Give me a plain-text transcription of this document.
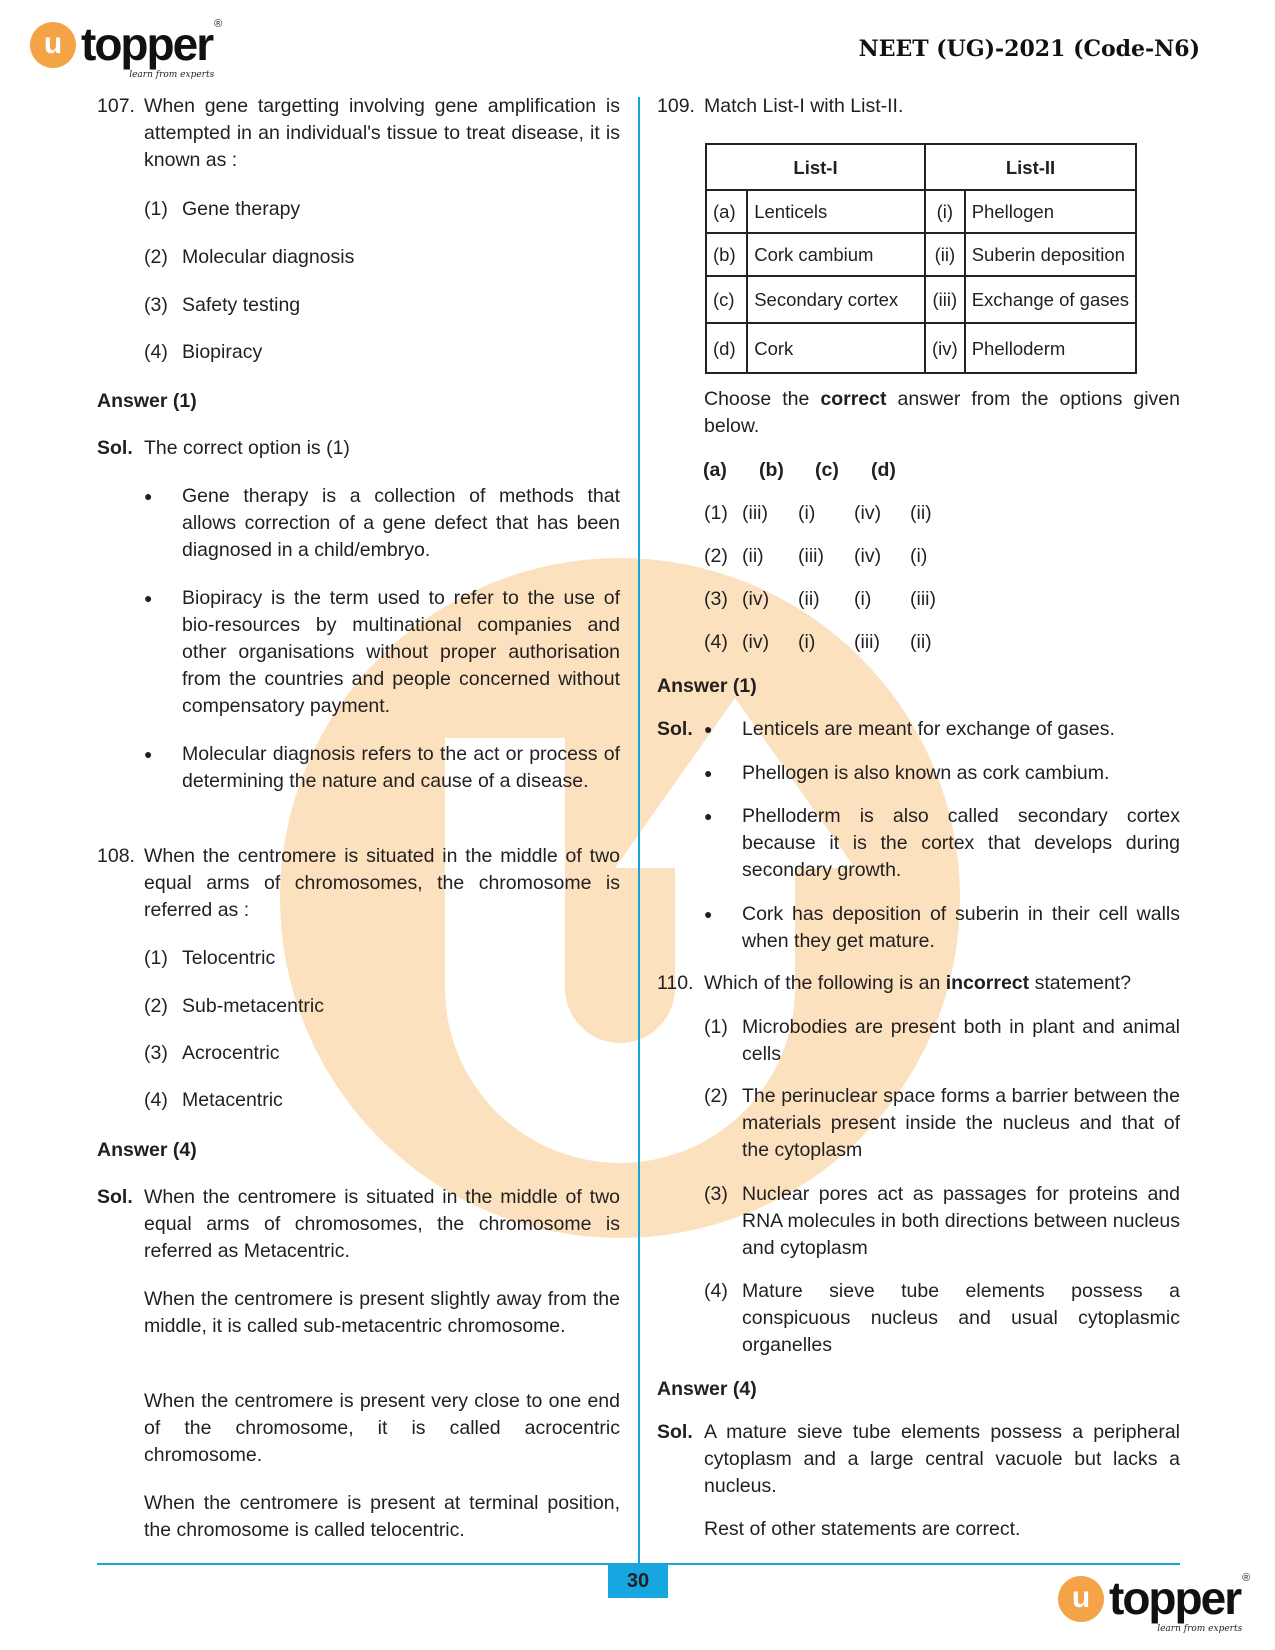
u topper ®
learn from experts
NEET (UG)-2021 (Code-N6)
107. When gene targetting involving gene amplification is attempted in an individual's tissue to treat disease, it is known as :
(1) Gene therapy
(2) Molecular diagnosis
(3) Safety testing
(4) Biopiracy
Answer (1)
Sol. The correct option is (1)
●	Gene therapy is a collection of methods that allows correction of a gene defect that has been diagnosed in a child/embryo.
●	Biopiracy is the term used to refer to the use of bio-resources by multinational companies and other organisations without proper authorisation from the countries and people concerned without compensatory payment.
●	Molecular diagnosis refers to the act or process of determining the nature and cause of a disease.
108. When the centromere is situated in the middle of two equal arms of chromosomes, the chromosome is referred as :
(1) Telocentric
(2) Sub-metacentric
(3) Acrocentric
(4) Metacentric
Answer (4)
Sol. When the centromere is situated in the middle of two equal arms of chromosomes, the chromosome is referred as Metacentric.
When the centromere is present slightly away from the middle, it is called sub-metacentric chromosome.
When the centromere is present very close to one end of the chromosome, it is called acrocentric chromosome.
When the centromere is present at terminal position, the chromosome is called telocentric.
109. Match List-I with List-II.
List-I		List-II	
(a)	Lenticels	(i)	Phellogen
(b)	Cork cambium	(ii)	Suberin deposition
(c)	Secondary cortex	(iii)	Exchange of gases
(d)	Cork	(iv)	Phelloderm
Choose the correct answer from the options given below.
(a)	(b)	(c)	(d)
(1) (iii)	(i)	(iv)	(ii)
(2) (ii)	(iii)	(iv)	(i)
(3) (iv)	(ii)	(i)	(iii)
(4) (iv)	(i)	(iii)	(ii)
Answer (1)
Sol. ●
●
●
●
Lenticels are meant for exchange of gases.
Phellogen is also known as cork cambium.
Phelloderm is also called secondary cortex because it is the cortex that develops during secondary growth.
Cork has deposition of suberin in their cell walls when they get mature.
110. Which of the following is an incorrect statement?
(1) Microbodies are present both in plant and animal cells
(2) The perinuclear space forms a barrier between the materials present inside the nucleus and that of the cytoplasm
(3) Nuclear pores act as passages for proteins and RNA molecules in both directions between nucleus and cytoplasm
(4) Mature sieve tube elements possess a conspicuous nucleus and usual cytoplasmic organelles
Answer (4)
Sol. A mature sieve tube elements possess a peripheral cytoplasm and a large central vacuole but lacks a nucleus.
Rest of other statements are correct.
30	u topper ®
learn from experts
